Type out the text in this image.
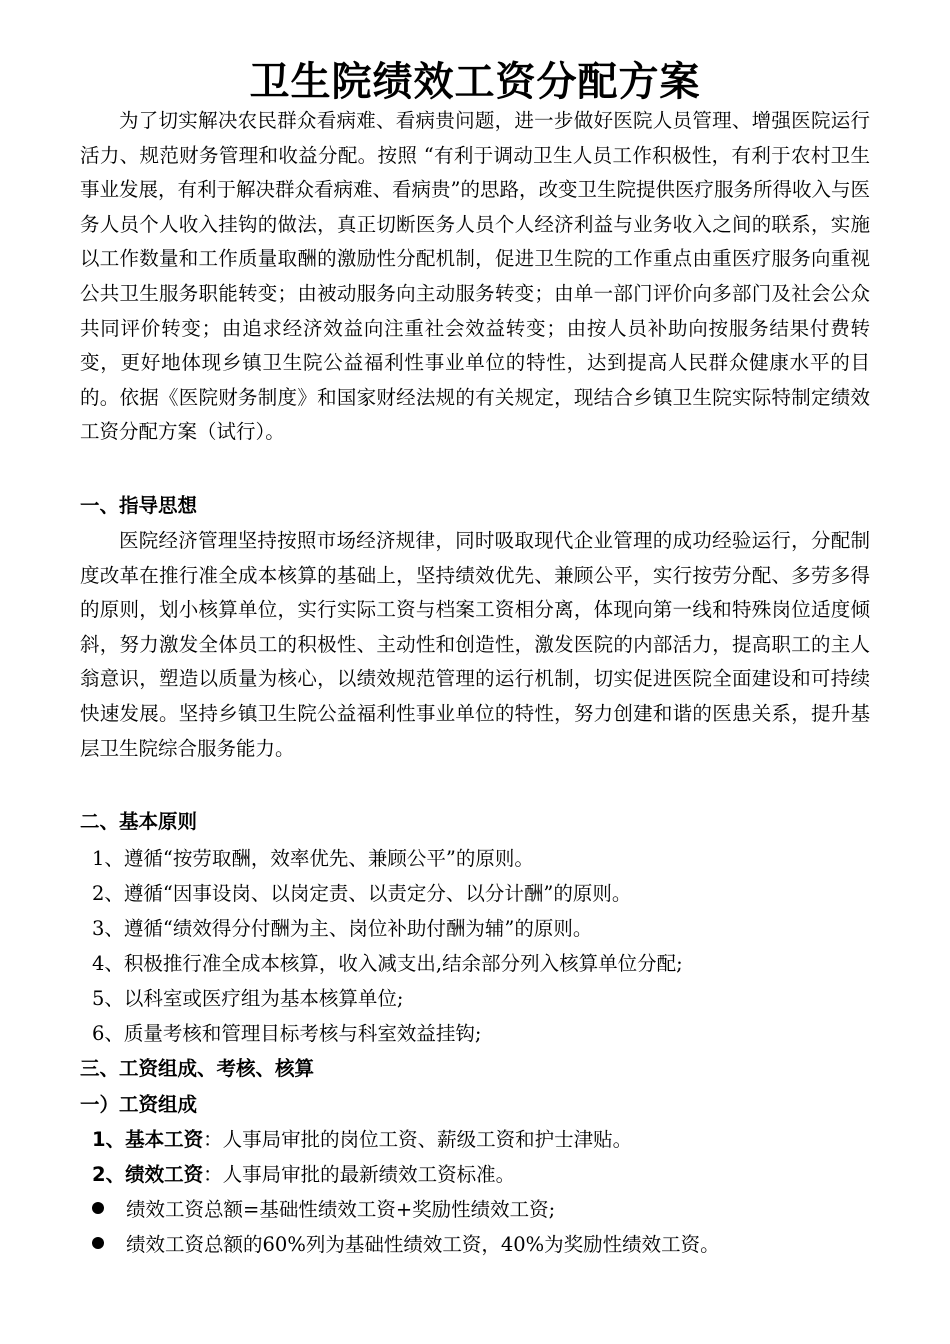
卫生院绩效工资分配方案

为了切实解决农民群众看病难、看病贵问题，进一步做好医院人员管理、增强医院运行活力、规范财务管理和收益分配。按照 “有利于调动卫生人员工作积极性，有利于农村卫生事业发展，有利于解决群众看病难、看病贵”的思路，改变卫生院提供医疗服务所得收入与医务人员个人收入挂钩的做法，真正切断医务人员个人经济利益与业务收入之间的联系，实施以工作数量和工作质量取酬的激励性分配机制，促进卫生院的工作重点由重医疗服务向重视公共卫生服务职能转变；由被动服务向主动服务转变；由单一部门评价向多部门及社会公众共同评价转变；由追求经济效益向注重社会效益转变；由按人员补助向按服务结果付费转变，更好地体现乡镇卫生院公益福利性事业单位的特性，达到提高人民群众健康水平的目的。依据《医院财务制度》和国家财经法规的有关规定，现结合乡镇卫生院实际特制定绩效工资分配方案（试行）。

一、指导思想

医院经济管理坚持按照市场经济规律，同时吸取现代企业管理的成功经验运行，分配制度改革在推行准全成本核算的基础上，坚持绩效优先、兼顾公平，实行按劳分配、多劳多得的原则，划小核算单位，实行实际工资与档案工资相分离，体现向第一线和特殊岗位适度倾斜，努力激发全体员工的积极性、主动性和创造性，激发医院的内部活力，提高职工的主人翁意识，塑造以质量为核心，以绩效规范管理的运行机制，切实促进医院全面建设和可持续快速发展。坚持乡镇卫生院公益福利性事业单位的特性，努力创建和谐的医患关系，提升基层卫生院综合服务能力。

二、基本原则
1、遵循“按劳取酬，效率优先、兼顾公平”的原则。
2、遵循“因事设岗、以岗定责、以责定分、以分计酬”的原则。
3、遵循“绩效得分付酬为主、岗位补助付酬为辅”的原则。
4、积极推行准全成本核算，收入减支出,结余部分列入核算单位分配;
5、以科室或医疗组为基本核算单位;
6、质量考核和管理目标考核与科室效益挂钩;
三、工资组成、考核、核算
一）工资组成
1、基本工资：人事局审批的岗位工资、薪级工资和护士津贴。
2、绩效工资：人事局审批的最新绩效工资标准。
绩效工资总额=基础性绩效工资+奖励性绩效工资;
绩效工资总额的60%列为基础性绩效工资，40%为奖励性绩效工资。
